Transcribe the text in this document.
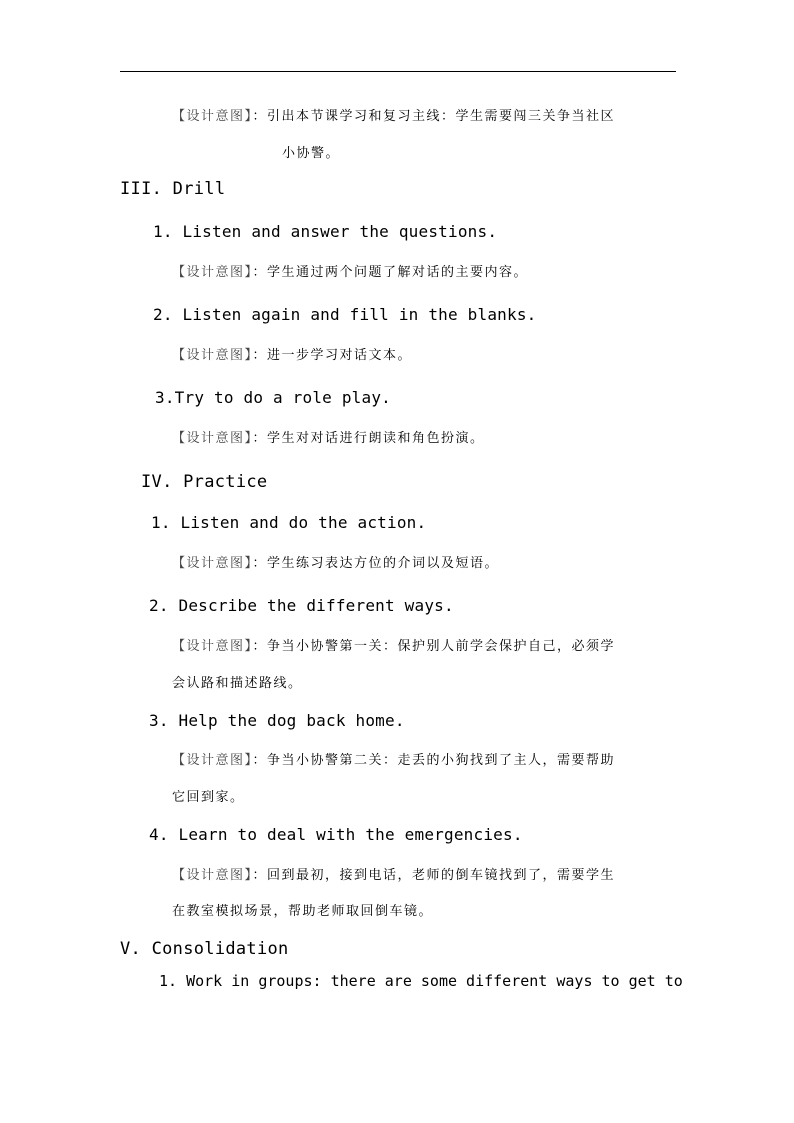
【设计意图】：引出本节课学习和复习主线：学生需要闯三关争当社区
小协警。
III. Drill
1. Listen and answer the questions.
【设计意图】：学生通过两个问题了解对话的主要内容。
2. Listen again and fill in the blanks.
【设计意图】：进一步学习对话文本。
3.Try to do a role play.
【设计意图】：学生对对话进行朗读和角色扮演。
IV. Practice
1. Listen and do the action.
【设计意图】：学生练习表达方位的介词以及短语。
2. Describe the different ways.
【设计意图】：争当小协警第一关：保护别人前学会保护自己，必须学
会认路和描述路线。
3. Help the dog back home.
【设计意图】：争当小协警第二关：走丢的小狗找到了主人，需要帮助
它回到家。
4. Learn to deal with the emergencies.
【设计意图】：回到最初，接到电话，老师的倒车镜找到了，需要学生
在教室模拟场景，帮助老师取回倒车镜。
V. Consolidation
1. Work in groups: there are some different ways to get to
